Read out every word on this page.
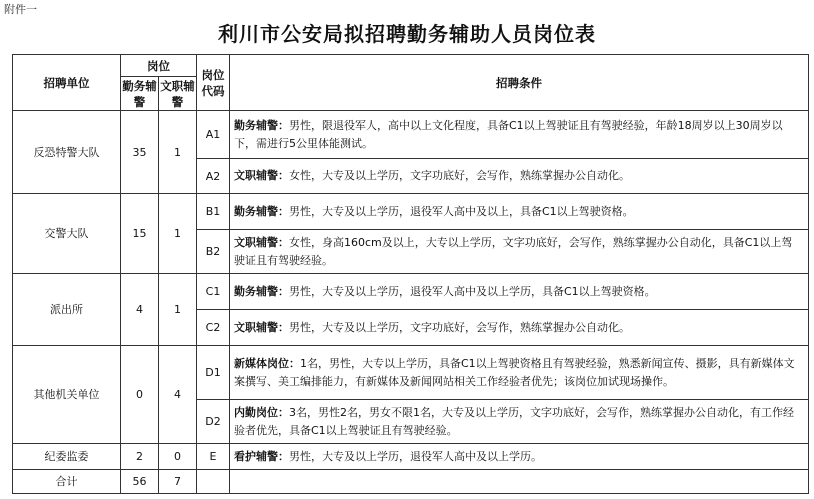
附件一
利川市公安局拟招聘勤务辅助人员岗位表
招聘单位	岗位		岗位代码	招聘条件
	勤务辅警	文职辅警		
反恐特警大队	35	1	A1	勤务辅警：男性，限退役军人，高中以上文化程度，具备C1以上驾驶证且有驾驶经验，年龄18周岁以上30周岁以下，需进行5公里体能测试。
			A2	文职辅警：女性，大专及以上学历，文字功底好，会写作，熟练掌握办公自动化。
交警大队	15	1	B1	勤务辅警：男性，大专及以上学历，退役军人高中及以上，具备C1以上驾驶资格。
			B2	文职辅警：女性，身高160cm及以上，大专以上学历，文字功底好，会写作，熟练掌握办公自动化，具备C1以上驾驶证且有驾驶经验。
派出所	4	1	C1	勤务辅警：男性，大专及以上学历，退役军人高中及以上学历，具备C1以上驾驶资格。
			C2	文职辅警：男性，大专及以上学历，文字功底好，会写作，熟练掌握办公自动化。
其他机关单位	0	4	D1	新媒体岗位：1名，男性，大专以上学历，具备C1以上驾驶资格且有驾驶经验，熟悉新闻宣传、摄影，具有新媒体文案撰写、美工编排能力，有新媒体及新闻网站相关工作经验者优先；该岗位加试现场操作。
			D2	内勤岗位：3名，男性2名，男女不限1名，大专及以上学历，文字功底好，会写作，熟练掌握办公自动化，有工作经验者优先，具备C1以上驾驶证且有驾驶经验。
纪委监委	2	0	E	看护辅警：男性，大专及以上学历，退役军人高中及以上学历。
合计	56	7		
